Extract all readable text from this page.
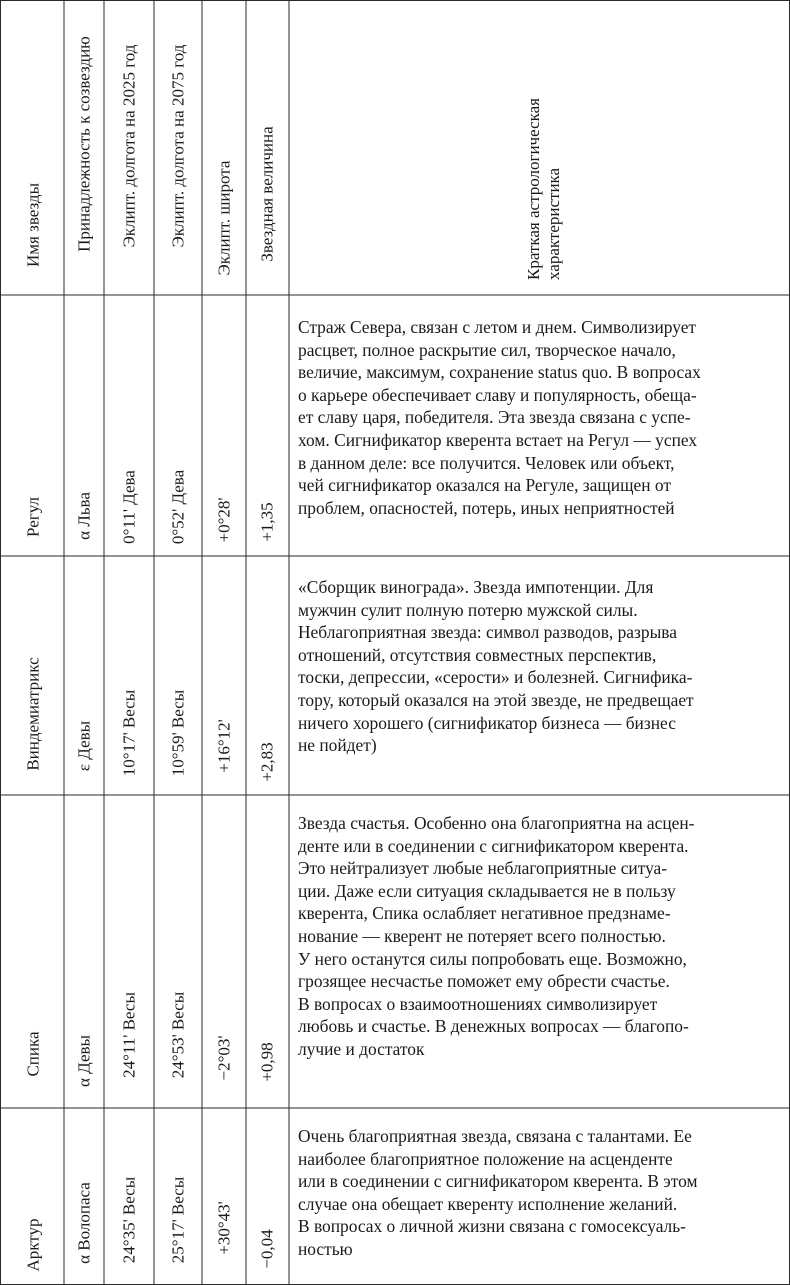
Имя звезды Принадлежность к созвездию Эклипт. долгота на 2025 год Эклипт. долгота на 2075 год Эклипт. широта Звездная величина	Краткая астрологическая характеристика
Регул α Льва 0°11' Дева 0°52' Дева +0°28' +1,35
Страж Севера, связан с летом и днем. Символизирует
расцвет, полное раскрытие сил, творческое начало,
величие, максимум, сохранение status quo. В вопросах
о карьере обеспечивает славу и популярность, обеща-
ет славу царя, победителя. Эта звезда связана с успе-
хом. Сигнификатор кверента встает на Регул — успех
в данном деле: все получится. Человек или объект,
чей сигнификатор оказался на Регуле, защищен от
проблем, опасностей, потерь, иных неприятностей
Виндемиатрикс ε Девы 10°17' Весы 10°59' Весы +16°12' +2,83
«Сборщик винограда». Звезда импотенции. Для
мужчин сулит полную потерю мужской силы.
Неблагоприятная звезда: символ разводов, разрыва
отношений, отсутствия совместных перспектив,
тоски, депрессии, «серости» и болезней. Сигнифика-
тору, который оказался на этой звезде, не предвещает
ничего хорошего (сигнификатор бизнеса — бизнес
не пойдет)
Спика α Девы 24°11' Весы 24°53' Весы −2°03' +0,98
Звезда счастья. Особенно она благоприятна на асцен-
денте или в соединении с сигнификатором кверента.
Это нейтрализует любые неблагоприятные ситуа-
ции. Даже если ситуация складывается не в пользу
кверента, Спика ослабляет негативное предзнаме-
нование — кверент не потеряет всего полностью.
У него останутся силы попробовать еще. Возможно,
грозящее несчастье поможет ему обрести счастье.
В вопросах о взаимоотношениях символизирует
любовь и счастье. В денежных вопросах — благопо-
лучие и достаток
Арктур α Волопаса 24°35' Весы 25°17' Весы +30°43' −0,04
Очень благоприятная звезда, связана с талантами. Ее
наиболее благоприятное положение на асценденте
или в соединении с сигнификатором кверента. В этом
случае она обещает кверенту исполнение желаний.
В вопросах о личной жизни связана с гомосексуаль-
ностью
